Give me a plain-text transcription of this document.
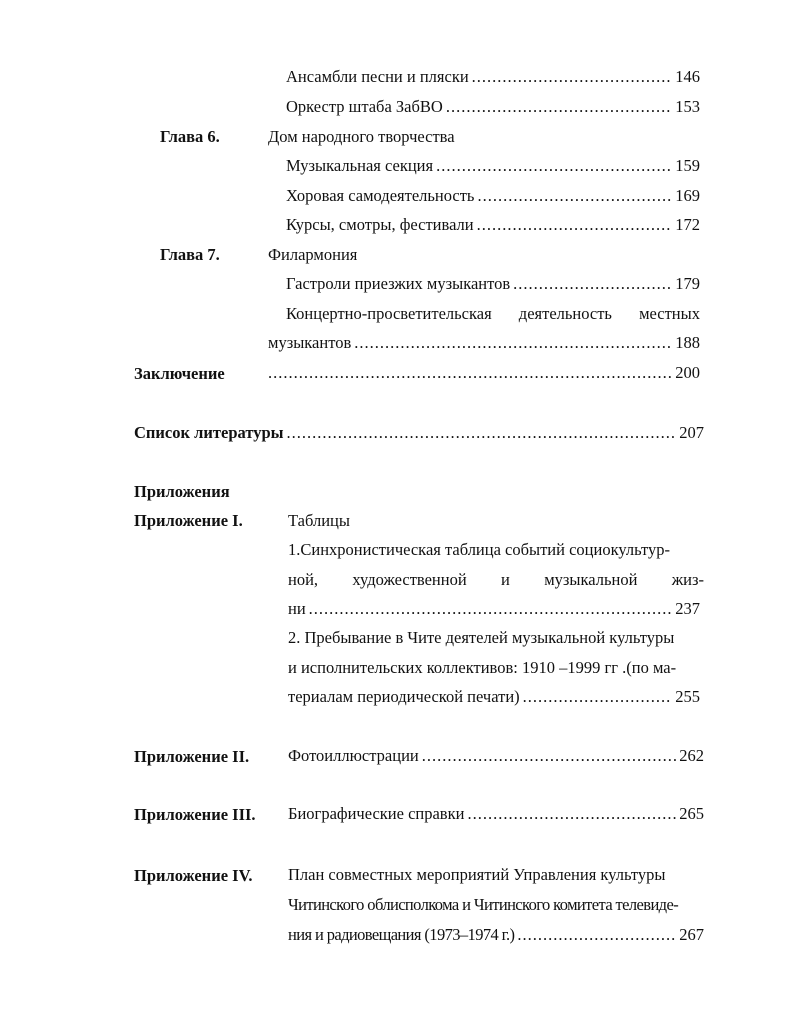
Ансамбли песни и пляски .....	146
Оркестр штаба ЗабВО .....	153
Глава 6.	Дом народного творчества
Музыкальная секция .....	159
Хоровая самодеятельность .....	169
Курсы, смотры, фестивали .....	172
Глава 7.	Филармония
Гастроли приезжих музыкантов .....	179
Концертно-просветительская деятельность местных
музыкантов .....	188
Заключение .....	200
Список литературы .....	207
Приложения
Приложение I.	Таблицы
1.Синхронистическая таблица событий социокультур-
ной, художественной и музыкальной жиз-
ни .....	237
2. Пребывание в Чите деятелей музыкальной культуры
и исполнительских коллективов: 1910 –1999 гг .(по ма-
териалам периодической печати) .....	255
Приложение II. Фотоиллюстрации .....	262
Приложение III. Биографические справки .....	265
Приложение IV. План совместных мероприятий Управления культуры
Читинского облисполкома и Читинского комитета телевиде-
ния и радиовещания (1973–1974 г.) .....	267
